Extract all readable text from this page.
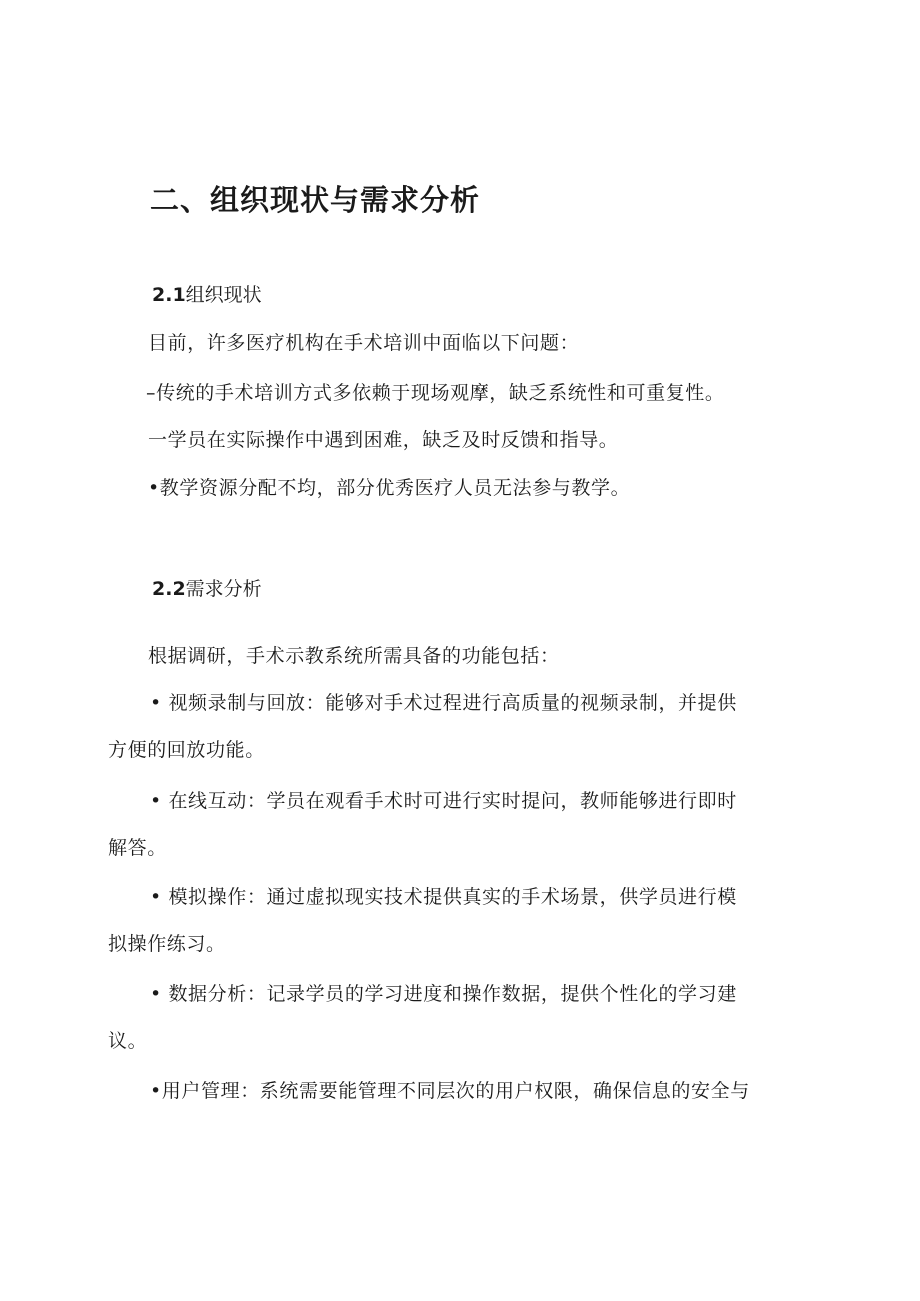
二、组织现状与需求分析
2.1组织现状
目前，许多医疗机构在手术培训中面临以下问题：
–传统的手术培训方式多依赖于现场观摩，缺乏系统性和可重复性。
一学员在实际操作中遇到困难，缺乏及时反馈和指导。
•教学资源分配不均，部分优秀医疗人员无法参与教学。
2.2需求分析
根据调研，手术示教系统所需具备的功能包括：
• 视频录制与回放：能够对手术过程进行高质量的视频录制，并提供
方便的回放功能。
• 在线互动：学员在观看手术时可进行实时提问，教师能够进行即时
解答。
• 模拟操作：通过虚拟现实技术提供真实的手术场景，供学员进行模
拟操作练习。
• 数据分析：记录学员的学习进度和操作数据，提供个性化的学习建
议。
•用户管理：系统需要能管理不同层次的用户权限，确保信息的安全与
